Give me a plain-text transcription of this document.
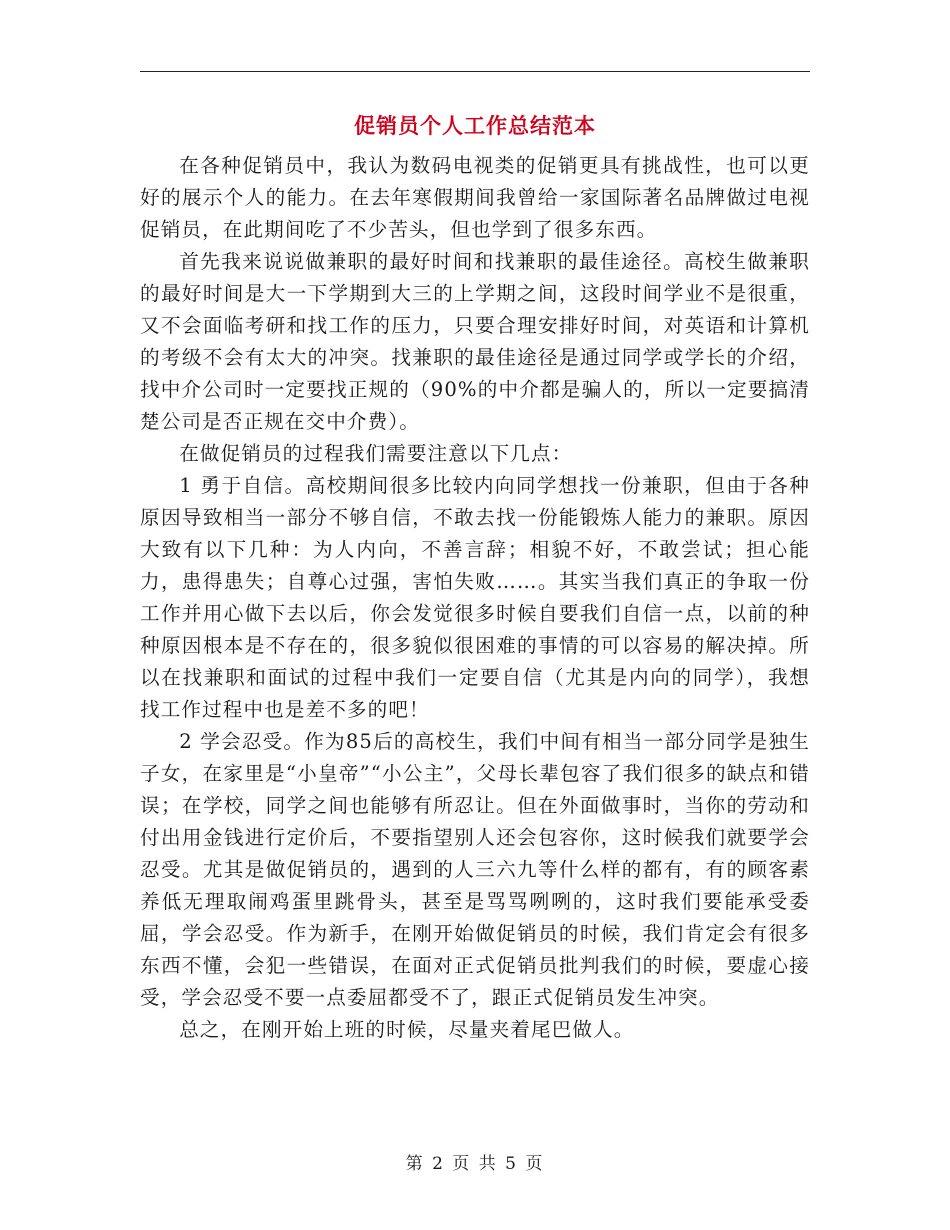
促销员个人工作总结范本

在各种促销员中，我认为数码电视类的促销更具有挑战性，也可以更好的展示个人的能力。在去年寒假期间我曾给一家国际著名品牌做过电视促销员，在此期间吃了不少苦头，但也学到了很多东西。

首先我来说说做兼职的最好时间和找兼职的最佳途径。高校生做兼职的最好时间是大一下学期到大三的上学期之间，这段时间学业不是很重，又不会面临考研和找工作的压力，只要合理安排好时间，对英语和计算机的考级不会有太大的冲突。找兼职的最佳途径是通过同学或学长的介绍，找中介公司时一定要找正规的（90%的中介都是骗人的，所以一定要搞清楚公司是否正规在交中介费）。

在做促销员的过程我们需要注意以下几点：

1 勇于自信。高校期间很多比较内向同学想找一份兼职，但由于各种原因导致相当一部分不够自信，不敢去找一份能锻炼人能力的兼职。原因大致有以下几种：为人内向，不善言辞；相貌不好，不敢尝试；担心能力，患得患失；自尊心过强，害怕失败……。其实当我们真正的争取一份工作并用心做下去以后，你会发觉很多时候自要我们自信一点，以前的种种原因根本是不存在的，很多貌似很困难的事情的可以容易的解决掉。所以在找兼职和面试的过程中我们一定要自信（尤其是内向的同学），我想找工作过程中也是差不多的吧！

2 学会忍受。作为85后的高校生，我们中间有相当一部分同学是独生子女，在家里是“小皇帝”“小公主”，父母长辈包容了我们很多的缺点和错误；在学校，同学之间也能够有所忍让。但在外面做事时，当你的劳动和付出用金钱进行定价后，不要指望别人还会包容你，这时候我们就要学会忍受。尤其是做促销员的，遇到的人三六九等什么样的都有，有的顾客素养低无理取闹鸡蛋里跳骨头，甚至是骂骂咧咧的，这时我们要能承受委屈，学会忍受。作为新手，在刚开始做促销员的时候，我们肯定会有很多东西不懂，会犯一些错误，在面对正式促销员批判我们的时候，要虚心接受，学会忍受不要一点委屈都受不了，跟正式促销员发生冲突。

总之，在刚开始上班的时候，尽量夹着尾巴做人。

第 2 页 共 5 页
